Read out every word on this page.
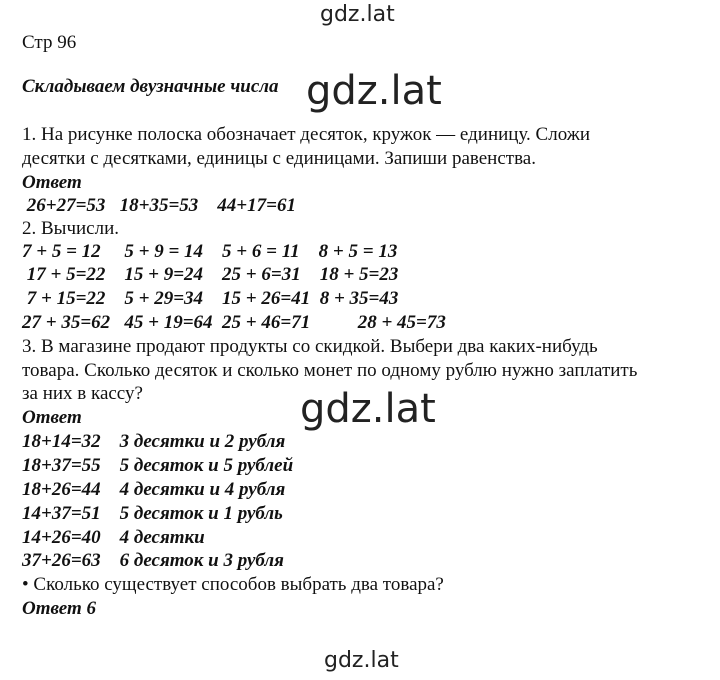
gdz.lat
Стр 96
Складываем двузначные числа gdz.lat
1. На рисунке полоска обозначает десяток, кружок — единицу. Сложи
десятки с десятками, единицы с единицами. Запиши равенства.
Ответ
26+27=53   18+35=53    44+17=61
2. Вычисли.
7 + 5 = 12     5 + 9 = 14    5 + 6 = 11    8 + 5 = 13
17 + 5=22    15 + 9=24    25 + 6=31    18 + 5=23
7 + 15=22    5 + 29=34    15 + 26=41  8 + 35=43
27 + 35=62   45 + 19=64  25 + 46=71          28 + 45=73
3. В магазине продают продукты со скидкой. Выбери два каких-нибудь
товара. Сколько десяток и сколько монет по одному рублю нужно заплатить
за них в кассу?	gdz.lat
Ответ
18+14=32    3 десятки и 2 рубля
18+37=55    5 десяток и 5 рублей
18+26=44    4 десятки и 4 рубля
14+37=51    5 десяток и 1 рубль
14+26=40    4 десятки
37+26=63    6 десяток и 3 рубля
• Сколько существует способов выбрать два товара?
Ответ 6
gdz.lat
